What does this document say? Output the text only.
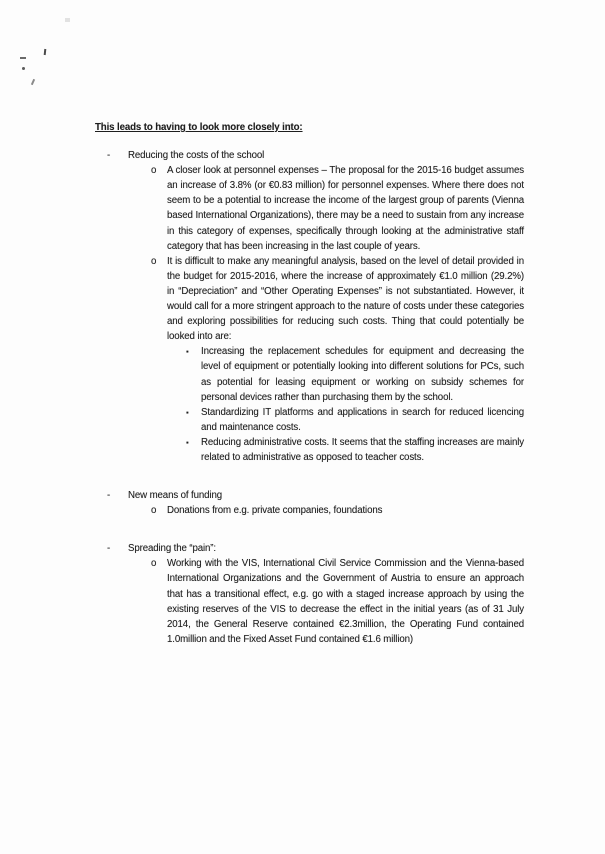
This leads to having to look more closely into:
-	Reducing the costs of the school

o	A closer look at personnel expenses – The proposal for the 2015-16 budget assumes an increase of 3.8% (or €0.83 million) for personnel expenses. Where there does not seem to be a potential to increase the income of the largest group of parents (Vienna based International Organizations), there may be a need to sustain from any increase in this category of expenses, specifically through looking at the administrative staff category that has been increasing in the last couple of years.

o	It is difficult to make any meaningful analysis, based on the level of detail provided in the budget for 2015-2016, where the increase of approximately €1.0 million (29.2%) in “Depreciation” and “Other Operating Expenses” is not substantiated. However, it would call for a more stringent approach to the nature of costs under these categories and exploring possibilities for reducing such costs. Thing that could potentially be looked into are:

▪	Increasing the replacement schedules for equipment and decreasing the level of equipment or potentially looking into different solutions for PCs, such as potential for leasing equipment or working on subsidy schemes for personal devices rather than purchasing them by the school.

▪	Standardizing IT platforms and applications in search for reduced licencing and maintenance costs.

▪	Reducing administrative costs. It seems that the staffing increases are mainly related to administrative as opposed to teacher costs.

-	New means of funding

o	Donations from e.g. private companies, foundations

-	Spreading the “pain”:

o	Working with the VIS, International Civil Service Commission and the Vienna-based International Organizations and the Government of Austria to ensure an approach that has a transitional effect, e.g. go with a staged increase approach by using the existing reserves of the VIS to decrease the effect in the initial years (as of 31 July 2014, the General Reserve contained €2.3million, the Operating Fund contained 1.0million and the Fixed Asset Fund contained €1.6 million)
